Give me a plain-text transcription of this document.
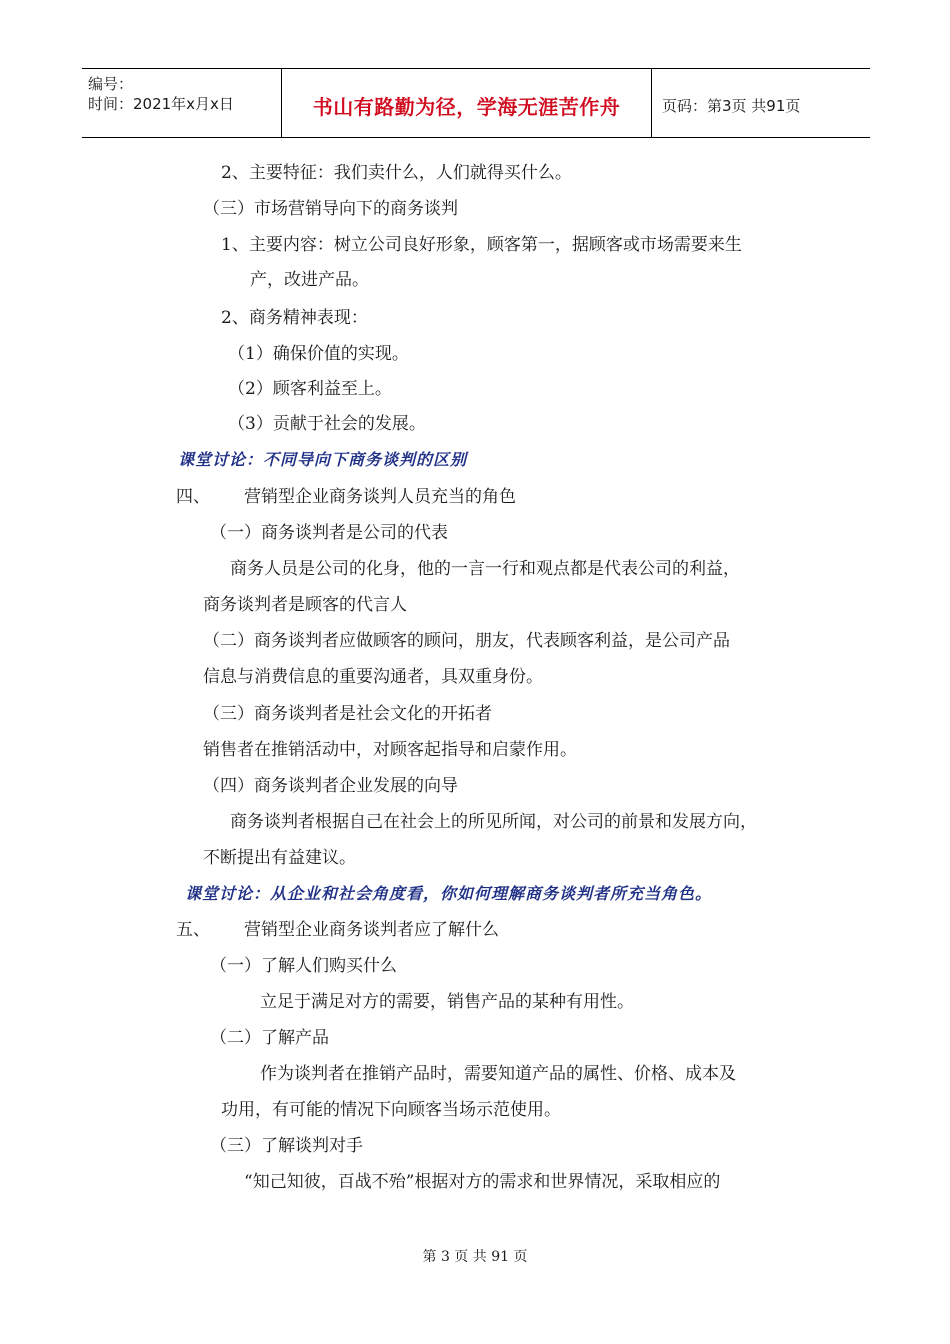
编号：
时间：2021年x月x日	书山有路勤为径，学海无涯苦作舟	页码：第3页 共91页
2、主要特征：我们卖什么，人们就得买什么。
（三）市场营销导向下的商务谈判
1、主要内容：树立公司良好形象，顾客第一，据顾客或市场需要来生
产，改进产品。
2、商务精神表现：
（1）确保价值的实现。
（2）顾客利益至上。
（3）贡献于社会的发展。
课堂讨论：不同导向下商务谈判的区别
四、 营销型企业商务谈判人员充当的角色
（一）商务谈判者是公司的代表
商务人员是公司的化身，他的一言一行和观点都是代表公司的利益，
商务谈判者是顾客的代言人
（二）商务谈判者应做顾客的顾问，朋友，代表顾客利益，是公司产品
信息与消费信息的重要沟通者，具双重身份。
（三）商务谈判者是社会文化的开拓者
销售者在推销活动中，对顾客起指导和启蒙作用。
（四）商务谈判者企业发展的向导
商务谈判者根据自己在社会上的所见所闻，对公司的前景和发展方向，
不断提出有益建议。
课堂讨论：从企业和社会角度看，你如何理解商务谈判者所充当角色。
五、 营销型企业商务谈判者应了解什么
（一）了解人们购买什么
立足于满足对方的需要，销售产品的某种有用性。
（二）了解产品
作为谈判者在推销产品时，需要知道产品的属性、价格、成本及
功用，有可能的情况下向顾客当场示范使用。
（三）了解谈判对手
“知己知彼，百战不殆”根据对方的需求和世界情况，采取相应的
第 3 页 共 91 页
